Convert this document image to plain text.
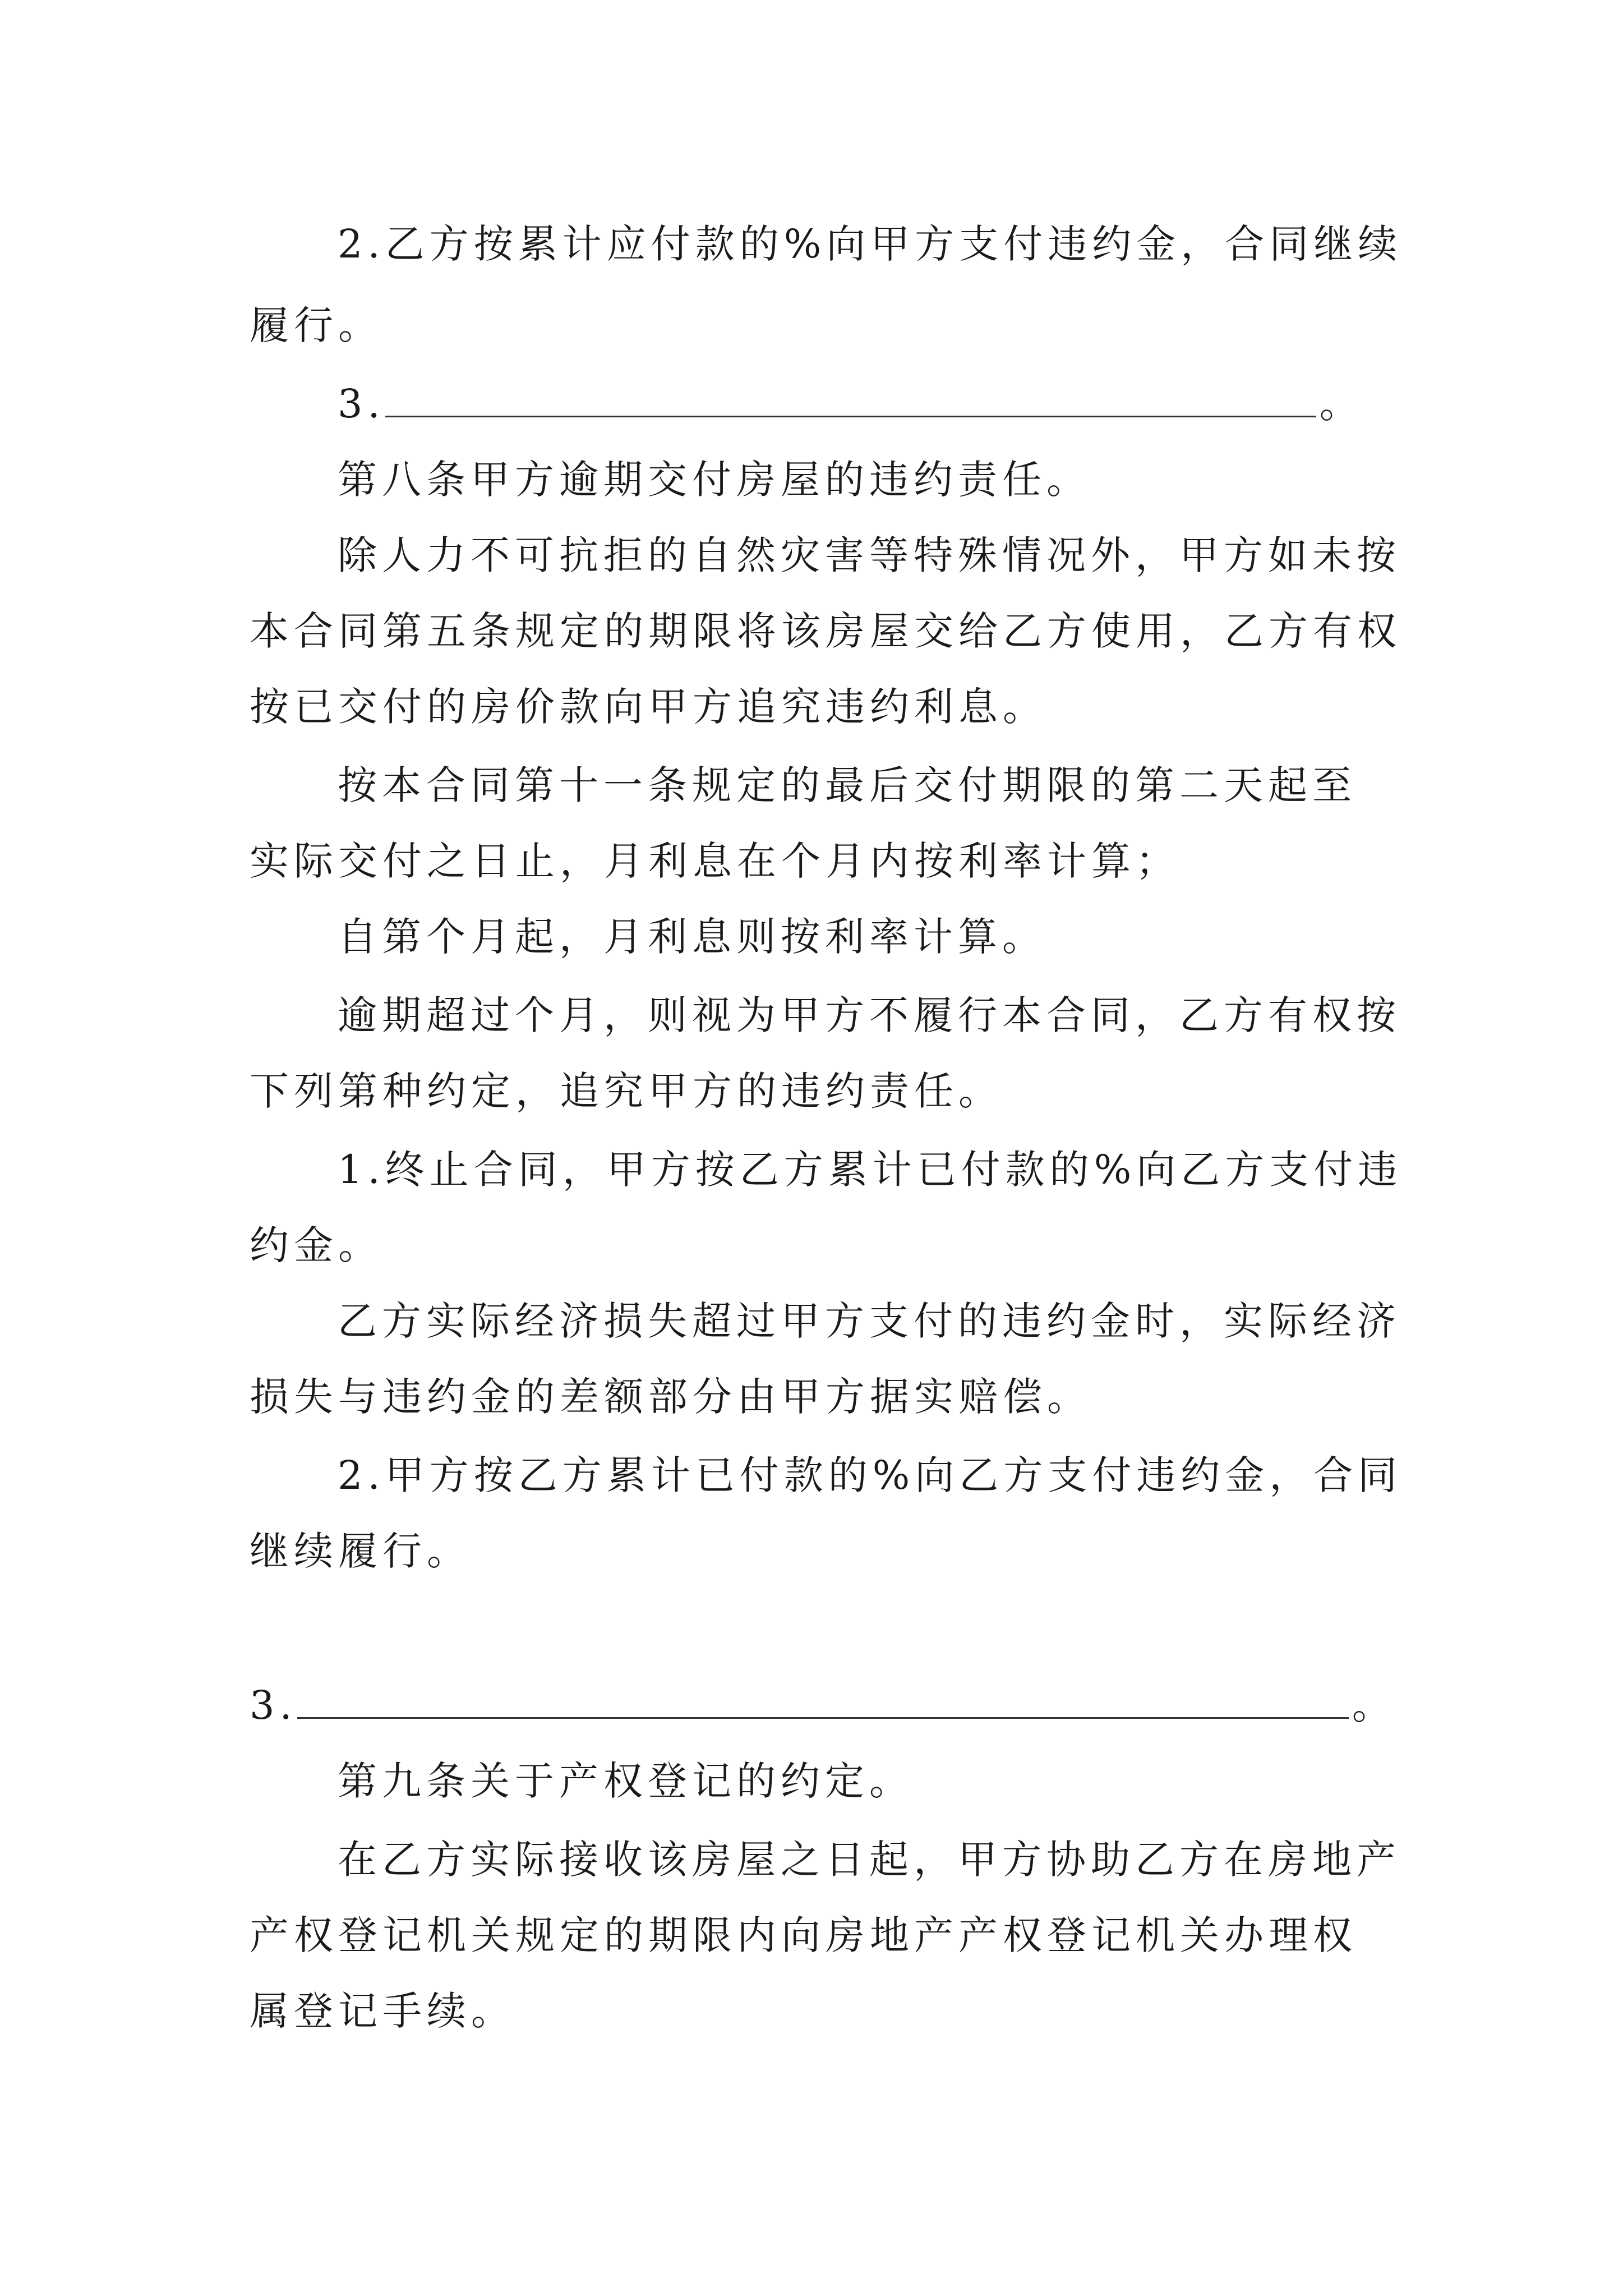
2.乙方按累计应付款的%向甲方支付违约金，合同继续
履行。
3.	。
第八条甲方逾期交付房屋的违约责任。
除人力不可抗拒的自然灾害等特殊情况外，甲方如未按
本合同第五条规定的期限将该房屋交给乙方使用，乙方有权
按已交付的房价款向甲方追究违约利息。
按本合同第十一条规定的最后交付期限的第二天起至
实际交付之日止，月利息在个月内按利率计算；
自第个月起，月利息则按利率计算。
逾期超过个月，则视为甲方不履行本合同，乙方有权按
下列第种约定，追究甲方的违约责任。
1.终止合同，甲方按乙方累计已付款的%向乙方支付违
约金。
乙方实际经济损失超过甲方支付的违约金时，实际经济
损失与违约金的差额部分由甲方据实赔偿。
2.甲方按乙方累计已付款的%向乙方支付违约金，合同
继续履行。
3.	。
第九条关于产权登记的约定。
在乙方实际接收该房屋之日起，甲方协助乙方在房地产
产权登记机关规定的期限内向房地产产权登记机关办理权
属登记手续。
